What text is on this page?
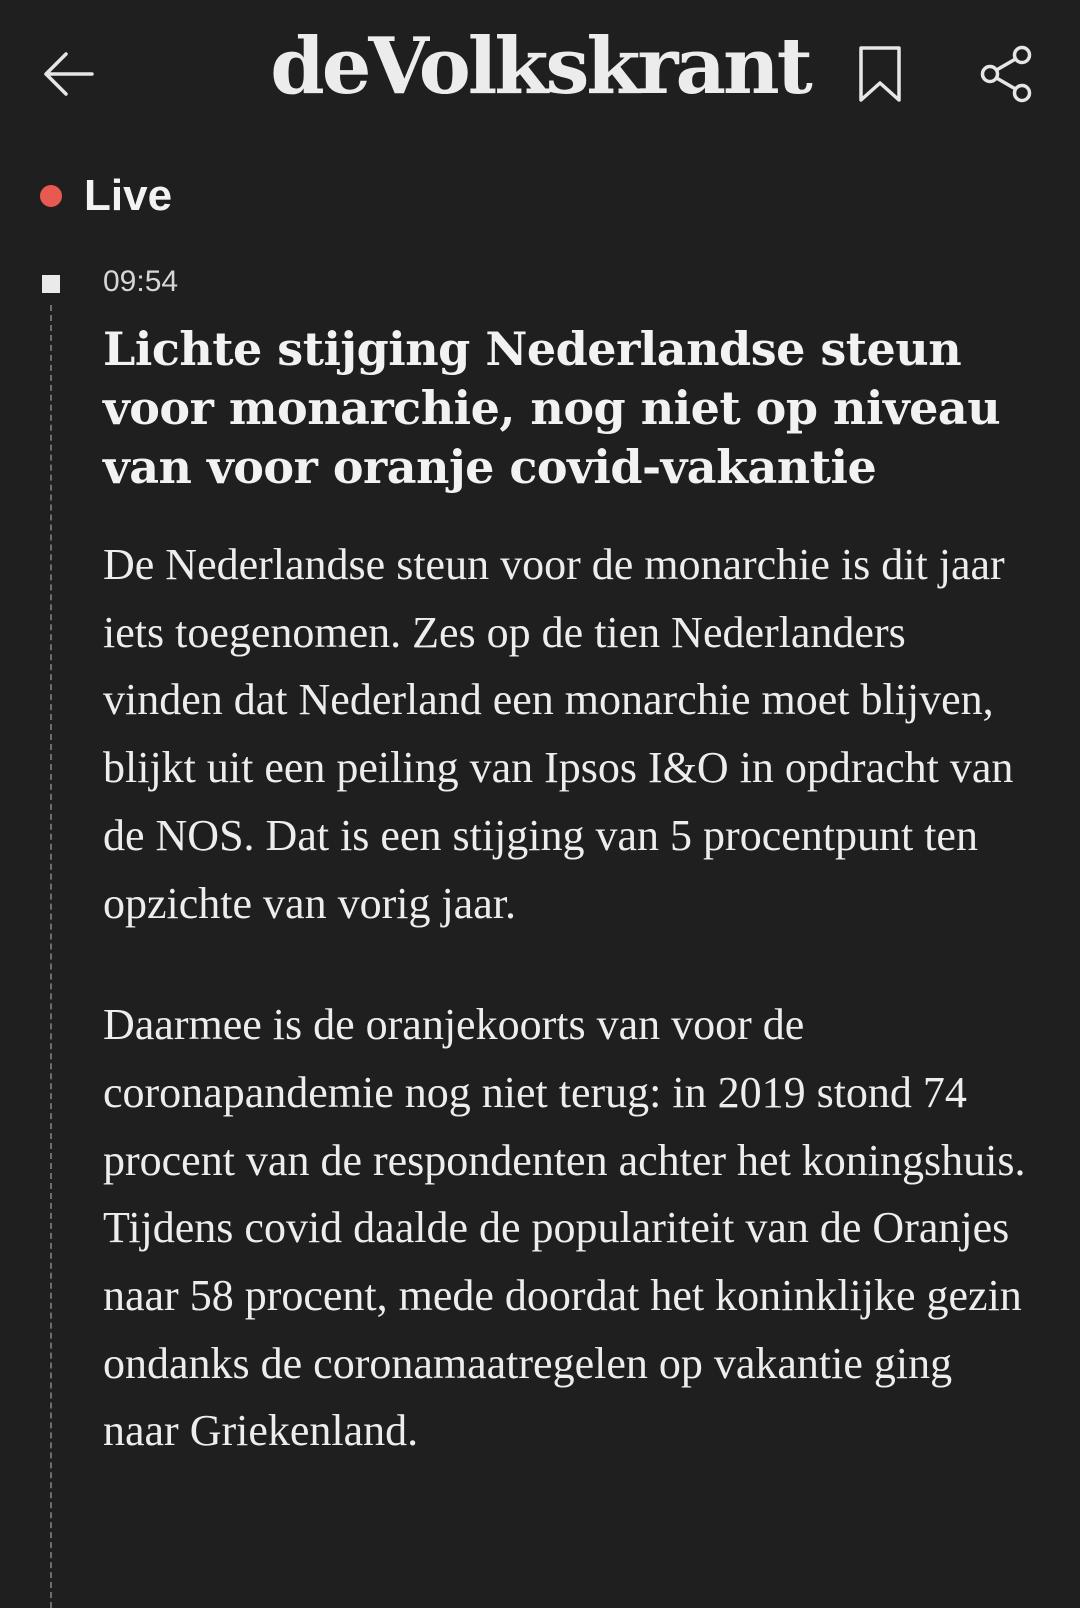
deVolkskrant
Live
09:54
Lichte stijging Nederlandse steun voor monarchie, nog niet op niveau van voor oranje covid-vakantie

De Nederlandse steun voor de monarchie is dit jaar iets toegenomen. Zes op de tien Nederlanders vinden dat Nederland een monarchie moet blijven, blijkt uit een peiling van Ipsos I&O in opdracht van de NOS. Dat is een stijging van 5 procentpunt ten opzichte van vorig jaar.

Daarmee is de oranjekoorts van voor de coronapandemie nog niet terug: in 2019 stond 74 procent van de respondenten achter het koningshuis. Tijdens covid daalde de populariteit van de Oranjes naar 58 procent, mede doordat het koninklijke gezin ondanks de coronamaatregelen op vakantie ging naar Griekenland.
